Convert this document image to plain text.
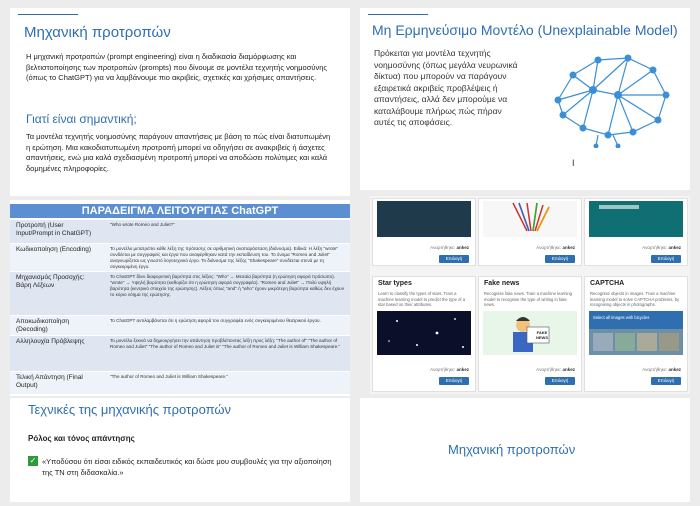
Μηχανική προτροπών
Η μηχανική προτροπών (prompt engineering) είναι η διαδικασία διαμόρφωσης και βελτιστοποίησης των προτροπών (prompts) που δίνουμε σε μοντέλα τεχνητής νοημοσύνης (όπως το ChatGPT) για να λαμβάνουμε πιο ακριβείς, σχετικές και χρήσιμες απαντήσεις.
Γιατί είναι σημαντική;
Τα μοντέλα τεχνητής νοημοσύνης παράγουν απαντήσεις με βάση το πώς είναι διατυπωμένη η ερώτηση. Μια κακοδιατυπωμένη προτροπή μπορεί να οδηγήσει σε ανακριβείς ή άσχετες απαντήσεις, ενώ μια καλά σχεδιασμένη προτροπή μπορεί να αποδώσει πολύτιμες και καλά δομημένες πληροφορίες.
Μη Ερμηνεύσιμο Μοντέλο (Unexplainable Model)
Πρόκειται για μοντέλα τεχνητής νοημοσύνης (όπως μεγάλα νευρωνικά δίκτυα) που μπορούν να παράγουν εξαιρετικά ακριβείς προβλέψεις ή απαντήσεις, αλλά δεν μπορούμε να καταλάβουμε πλήρως πώς πήραν αυτές τις αποφάσεις.
I
ΠΑΡΑΔΕΙΓΜΑ ΛΕΙΤΟΥΡΓΙΑΣ ChatGPT
Προτροπή (User Input/Prompt in ChatGPT)
"Who wrote Romeo and Juliet?"
Κωδικοποίηση (Encoding)	Το μοντέλο μετατρέπει κάθε λέξη της πρότασης σε αριθμητική αναπαράσταση (διάνυσμα). Ειδικά: Η λέξη "wrote" συνδέεται με συγγραφείς και έργα που αναφέρθηκαν κατά την εκπαίδευση του. Το όνομα "Romeo and Juliet" αναγνωρίζεται ως γνωστό λογοτεχνικό έργο. Το διάνυσμα της λέξης "Shakespeare" συνδέεται στενά με τη συγκεκριμένη έργο.
Μηχανισμός Προσοχής: Βάρη Λέξεων
Το ChatGPT δίνει διαφορετική βαρύτητα στις λέξεις: "Who" → Μεσαία βαρύτητα (η ερώτηση αφορά πρόσωπο). "wrote" → Υψηλή βαρύτητα (καθορίζει ότι η ερώτηση αφορά συγγραφέα). "Romeo and Juliet" → Πολύ υψηλή βαρύτητα (κεντρικό στοιχείο της ερώτησης). Λέξεις όπως "and" ή "who" έχουν μικρότερη βαρύτητα καθώς δεν έχουν το κύριο νόημα της ερώτησης.
Αποκωδικοποίηση (Decoding)
Το ChatGPT αντιλαμβάνεται ότι η ερώτηση αφορά τον συγγραφέα ενός συγκεκριμένου θεατρικού έργου.
Αλληλουχία Πρόβλεψης	Το μοντέλο ξεκινά να δημιουργήσει την απάντηση προβλέποντας λέξη προς λέξη: "The author of" "The author of Romeo and Juliet" "The author of Romeo and Juliet is" "The author of Romeo and Juliet is William Shakespeare."
Τελική Απάντηση (Final Output)
"The author of Romeo and Juliet is William Shakespeare."
Αναρτήθηκε: ankez
Επιλογή
Αναρτήθηκε: ankez
Επιλογή
Αναρτήθηκε: ankez
Επιλογή
Star types
Learn to classify the types of stars. Train a machine learning model to predict the type of a star based on their attributes.
Αναρτήθηκε: ankez
Επιλογή
Fake news
Recognise fake news. Train a machine learning model to recognise the type of writing in fake news.
FAKE NEWS
Αναρτήθηκε: ankez
Επιλογή
CAPTCHA
Recognise objects in images. Train a machine learning model to solve CAPTCHA problems, by recognising objects in photographs.
Select all images with bicycles
Αναρτήθηκε: ankez
Επιλογή
Τεχνικές της μηχανικής προτροπών
Ρόλος και τόνος απάντησης
✓ «Υποδύσου ότι είσαι ειδικός εκπαιδευτικός και δώσε μου συμβουλές για την αξιοποίηση της ΤΝ στη διδασκαλία.»
Μηχανική προτροπών
